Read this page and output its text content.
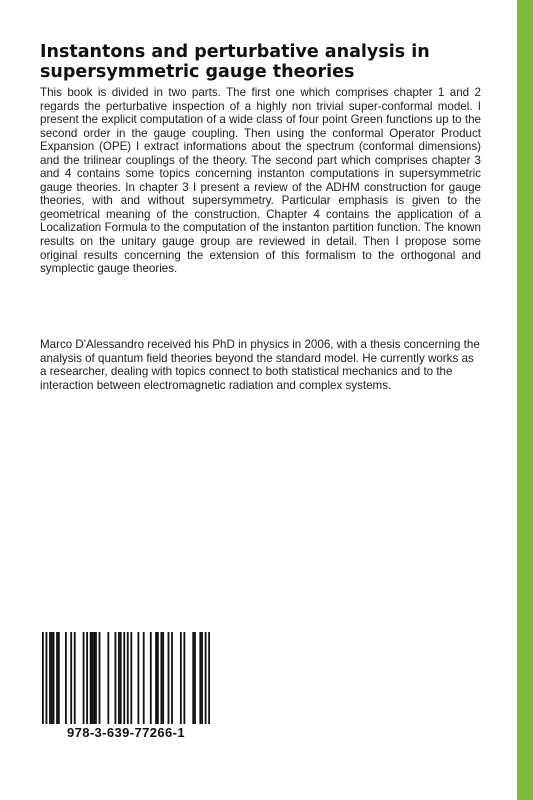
Instantons and perturbative analysis in supersymmetric gauge theories

This book is divided in two parts. The first one which comprises chapter 1 and 2 regards the perturbative inspection of a highly non trivial super-conformal model. I present the explicit computation of a wide class of four point Green functions up to the second order in the gauge coupling. Then using the conformal Operator Product Expansion (OPE) I extract informations about the spectrum (conformal dimensions) and the trilinear couplings of the theory. The second part which comprises chapter 3 and 4 contains some topics concerning instanton computations in supersymmetric gauge theories. In chapter 3 I present a review of the ADHM construction for gauge theories, with and without supersymmetry. Particular emphasis is given to the geometrical meaning of the construction. Chapter 4 contains the application of a Localization Formula to the computation of the instanton partition function. The known results on the unitary gauge group are reviewed in detail. Then I propose some original results concerning the extension of this formalism to the orthogonal and symplectic gauge theories.

Marco D'Alessandro received his PhD in physics in 2006, with a thesis concerning the analysis of quantum field theories beyond the standard model. He currently works as a researcher, dealing with topics connect to both statistical mechanics and to the interaction between electromagnetic radiation and complex systems.

978-3-639-77266-1
